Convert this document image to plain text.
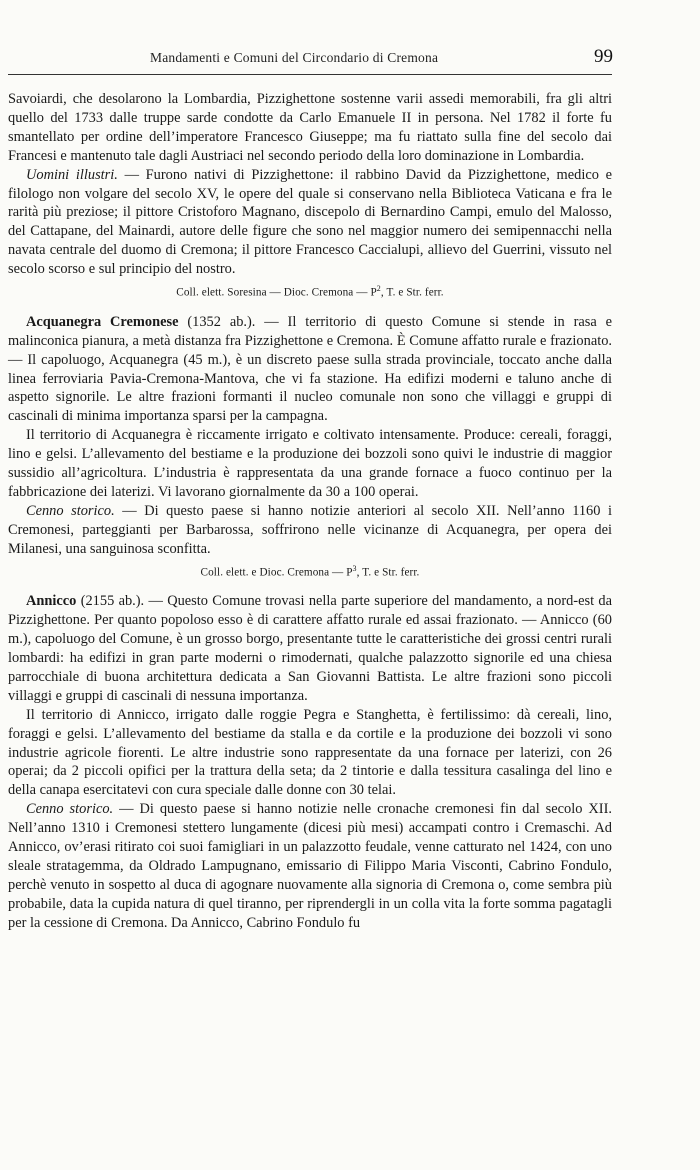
Mandamenti e Comuni del Circondario di Cremona	99

Savoiardi, che desolarono la Lombardia, Pizzighettone sostenne varii assedi memorabili, fra gli altri quello del 1733 dalle truppe sarde condotte da Carlo Emanuele II in persona. Nel 1782 il forte fu smantellato per ordine dell’imperatore Francesco Giuseppe; ma fu riattato sulla fine del secolo dai Francesi e mantenuto tale dagli Austriaci nel secondo periodo della loro dominazione in Lombardia.

Uomini illustri. — Furono nativi di Pizzighettone: il rabbino David da Pizzighettone, medico e filologo non volgare del secolo XV, le opere del quale si conservano nella Biblioteca Vaticana e fra le rarità più preziose; il pittore Cristoforo Magnano, discepolo di Bernardino Campi, emulo del Malosso, del Cattapane, del Mainardi, autore delle figure che sono nel maggior numero dei semipennacchi nella navata centrale del duomo di Cremona; il pittore Francesco Caccialupi, allievo del Guerrini, vissuto nel secolo scorso e sul principio del nostro.

Coll. elett. Soresina — Dioc. Cremona — $P^2$, T. e Str. ferr.

Acquanegra Cremonese (1352 ab.). — Il territorio di questo Comune si stende in rasa e malinconica pianura, a metà distanza fra Pizzighettone e Cremona. È Comune affatto rurale e frazionato. — Il capoluogo, Acquanegra (45 m.), è un discreto paese sulla strada provinciale, toccato anche dalla linea ferroviaria Pavia-Cremona-Mantova, che vi fa stazione. Ha edifizi moderni e taluno anche di aspetto signorile. Le altre frazioni formanti il nucleo comunale non sono che villaggi e gruppi di cascinali di minima importanza sparsi per la campagna.

Il territorio di Acquanegra è riccamente irrigato e coltivato intensamente. Produce: cereali, foraggi, lino e gelsi. L’allevamento del bestiame e la produzione dei bozzoli sono quivi le industrie di maggior sussidio all’agricoltura. L’industria è rappresentata da una grande fornace a fuoco continuo per la fabbricazione dei laterizi. Vi lavorano giornalmente da 30 a 100 operai.

Cenno storico. — Di questo paese si hanno notizie anteriori al secolo XII. Nell’anno 1160 i Cremonesi, parteggianti per Barbarossa, soffrirono nelle vicinanze di Acquanegra, per opera dei Milanesi, una sanguinosa sconfitta.

Coll. elett. e Dioc. Cremona — $P^3$, T. e Str. ferr.

Annicco (2155 ab.). — Questo Comune trovasi nella parte superiore del mandamento, a nord-est da Pizzighettone. Per quanto popoloso esso è di carattere affatto rurale ed assai frazionato. — Annicco (60 m.), capoluogo del Comune, è un grosso borgo, presentante tutte le caratteristiche dei grossi centri rurali lombardi: ha edifizi in gran parte moderni o rimodernati, qualche palazzotto signorile ed una chiesa parrocchiale di buona architettura dedicata a San Giovanni Battista. Le altre frazioni sono piccoli villaggi e gruppi di cascinali di nessuna importanza.

Il territorio di Annicco, irrigato dalle roggie Pegra e Stanghetta, è fertilissimo: dà cereali, lino, foraggi e gelsi. L’allevamento del bestiame da stalla e da cortile e la produzione dei bozzoli vi sono industrie agricole fiorenti. Le altre industrie sono rappresentate da una fornace per laterizi, con 26 operai; da 2 piccoli opifici per la trattura della seta; da 2 tintorie e dalla tessitura casalinga del lino e della canapa esercitatevi con cura speciale dalle donne con 30 telai.

Cenno storico. — Di questo paese si hanno notizie nelle cronache cremonesi fin dal secolo XII. Nell’anno 1310 i Cremonesi stettero lungamente (dicesi più mesi) accampati contro i Cremaschi. Ad Annicco, ov’erasi ritirato coi suoi famigliari in un palazzotto feudale, venne catturato nel 1424, con uno sleale stratagemma, da Oldrado Lampugnano, emissario di Filippo Maria Visconti, Cabrino Fondulo, perchè venuto in sospetto al duca di agognare nuovamente alla signoria di Cremona o, come sembra più probabile, data la cupida natura di quel tiranno, per riprendergli in un colla vita la forte somma pagatagli per la cessione di Cremona. Da Annicco, Cabrino Fondulo fu
